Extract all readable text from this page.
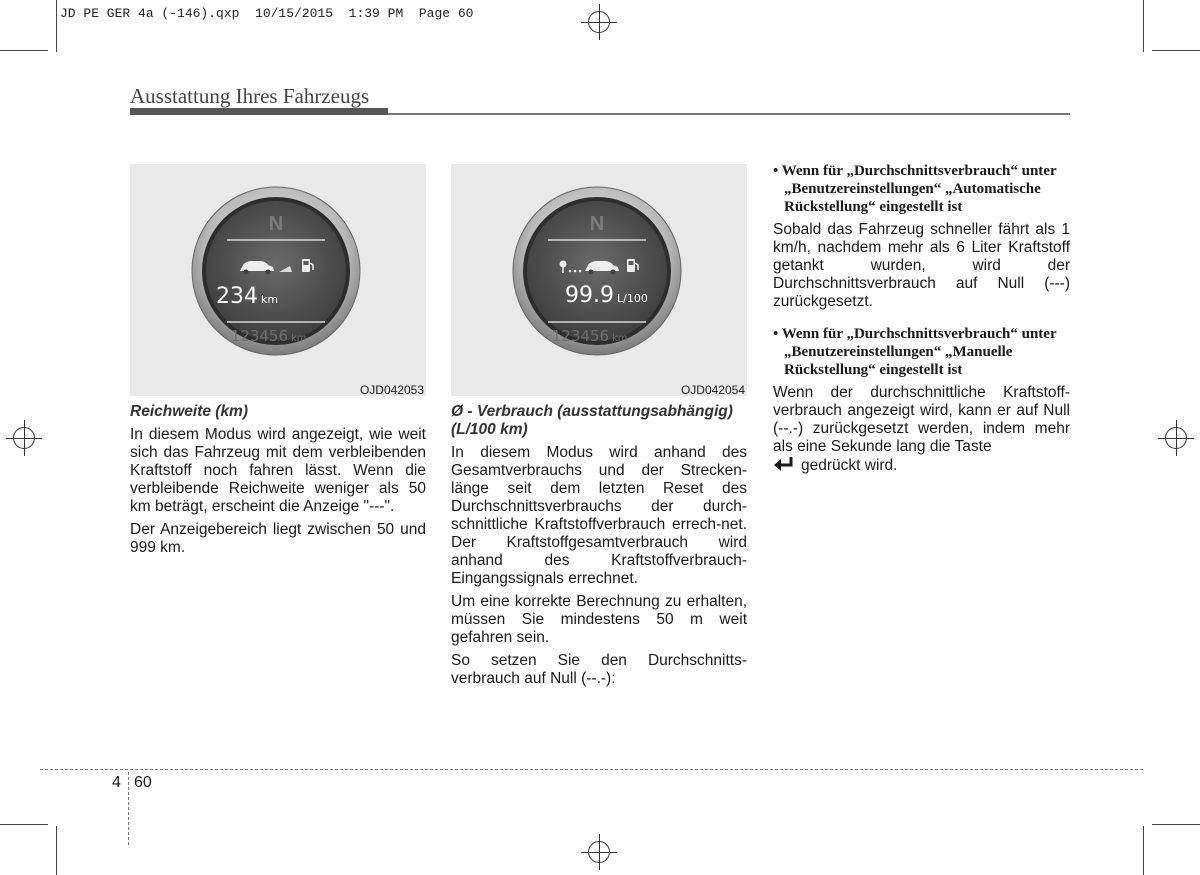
JD PE GER 4a (-146).qxp  10/15/2015  1:39 PM  Page 60
Ausstattung Ihres Fahrzeugs
N
234 km
123456 km
OJD042053
N
99.9 L/100
123456 km
OJD042054

Reichweite (km)

In diesem Modus wird angezeigt, wie weit sich das Fahrzeug mit dem verbleibenden Kraftstoff noch fahren lässt. Wenn die verbleibende Reichweite weniger als 50 km beträgt, erscheint die Anzeige "---".

Der Anzeigebereich liegt zwischen 50 und 999 km.

Ø - Verbrauch (ausstattungsabhängig) (L/100 km)

In diesem Modus wird anhand des Gesamtverbrauchs und der Strecken-länge seit dem letzten Reset des Durchschnittsverbrauchs der durch-schnittliche Kraftstoffverbrauch errech-net. Der Kraftstoffgesamtverbrauch wird anhand des Kraftstoffverbrauch-Eingangssignals errechnet.

Um eine korrekte Berechnung zu erhalten, müssen Sie mindestens 50 m weit gefahren sein.

So setzen Sie den Durchschnitts-verbrauch auf Null (--.-):

• Wenn für „Durchschnittsverbrauch“ unter „Benutzereinstellungen“ „Automatische Rückstellung“ eingestellt ist

Sobald das Fahrzeug schneller fährt als 1 km/h, nachdem mehr als 6 Liter Kraftstoff getankt wurden, wird der Durchschnittsverbrauch auf Null (---) zurückgesetzt.

• Wenn für „Durchschnittsverbrauch“ unter „Benutzereinstellungen“ „Manuelle Rückstellung“ eingestellt ist

Wenn der durchschnittliche Kraftstoff-verbrauch angezeigt wird, kann er auf Null (--.-) zurückgesetzt werden, indem mehr als eine Sekunde lang die Taste
gedrückt wird.

4 60
